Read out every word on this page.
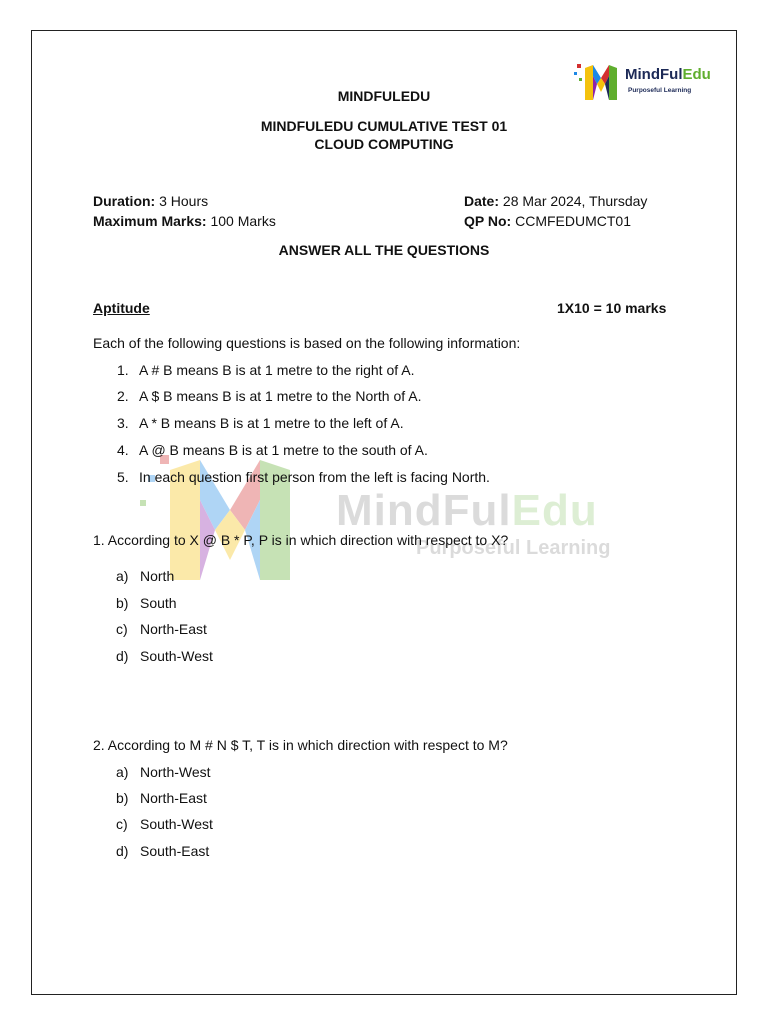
MindFulEdu
Purposeful Learning
MindFulEdu
Purposeful Learning
MINDFULEDU
MINDFULEDU CUMULATIVE TEST 01
CLOUD COMPUTING
Duration: 3 Hours
Maximum Marks: 100 Marks
Date: 28 Mar 2024, Thursday
QP No: CCMFEDUMCT01
ANSWER ALL THE QUESTIONS
Aptitude	1X10 = 10 marks
Each of the following questions is based on the following information:
1. A # B means B is at 1 metre to the right of A.
2. A $ B means B is at 1 metre to the North of A.
3. A * B means B is at 1 metre to the left of A.
4. A @ B means B is at 1 metre to the south of A.
5. In each question first person from the left is facing North.
1. According to X @ B * P, P is in which direction with respect to X?
a) North
b) South
c) North-East
d) South-West
2. According to M # N $ T, T is in which direction with respect to M?
a) North-West
b) North-East
c) South-West
d) South-East
